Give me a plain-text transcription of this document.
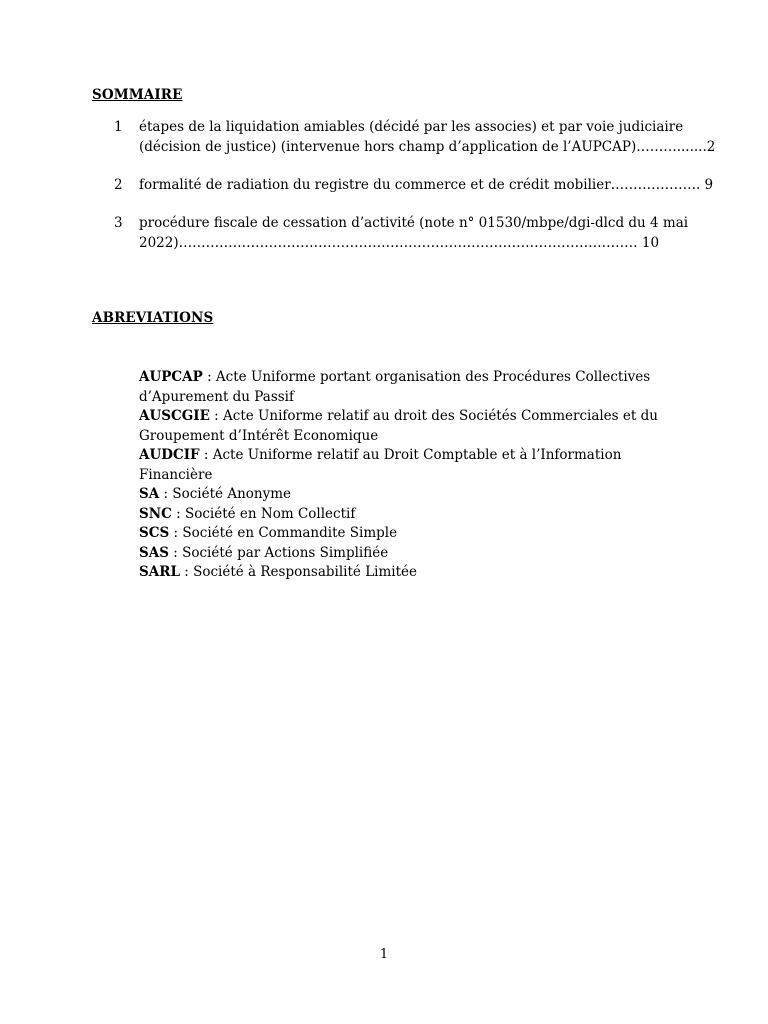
SOMMAIRE
1 étapes de la liquidation amiables (décidé par les associes) et par voie judiciaire
(décision de justice) (intervenue hors champ d’application de l’AUPCAP)……….......2
2 formalité de radiation du registre du commerce et de crédit mobilier……………….. 9
3 procédure fiscale de cessation d’activité (note n° 01530/mbpe/dgi-dlcd du 4 mai
2022)………………………………………………………………………………………… 10
ABREVIATIONS
AUPCAP : Acte Uniforme portant organisation des Procédures Collectives d’Apurement du Passif
AUSCGIE : Acte Uniforme relatif au droit des Sociétés Commerciales et du Groupement d’Intérêt Economique
AUDCIF : Acte Uniforme relatif au Droit Comptable et à l’Information Financière
SA : Société Anonyme
SNC : Société en Nom Collectif
SCS : Société en Commandite Simple
SAS : Société par Actions Simplifiée
SARL : Société à Responsabilité Limitée
1
